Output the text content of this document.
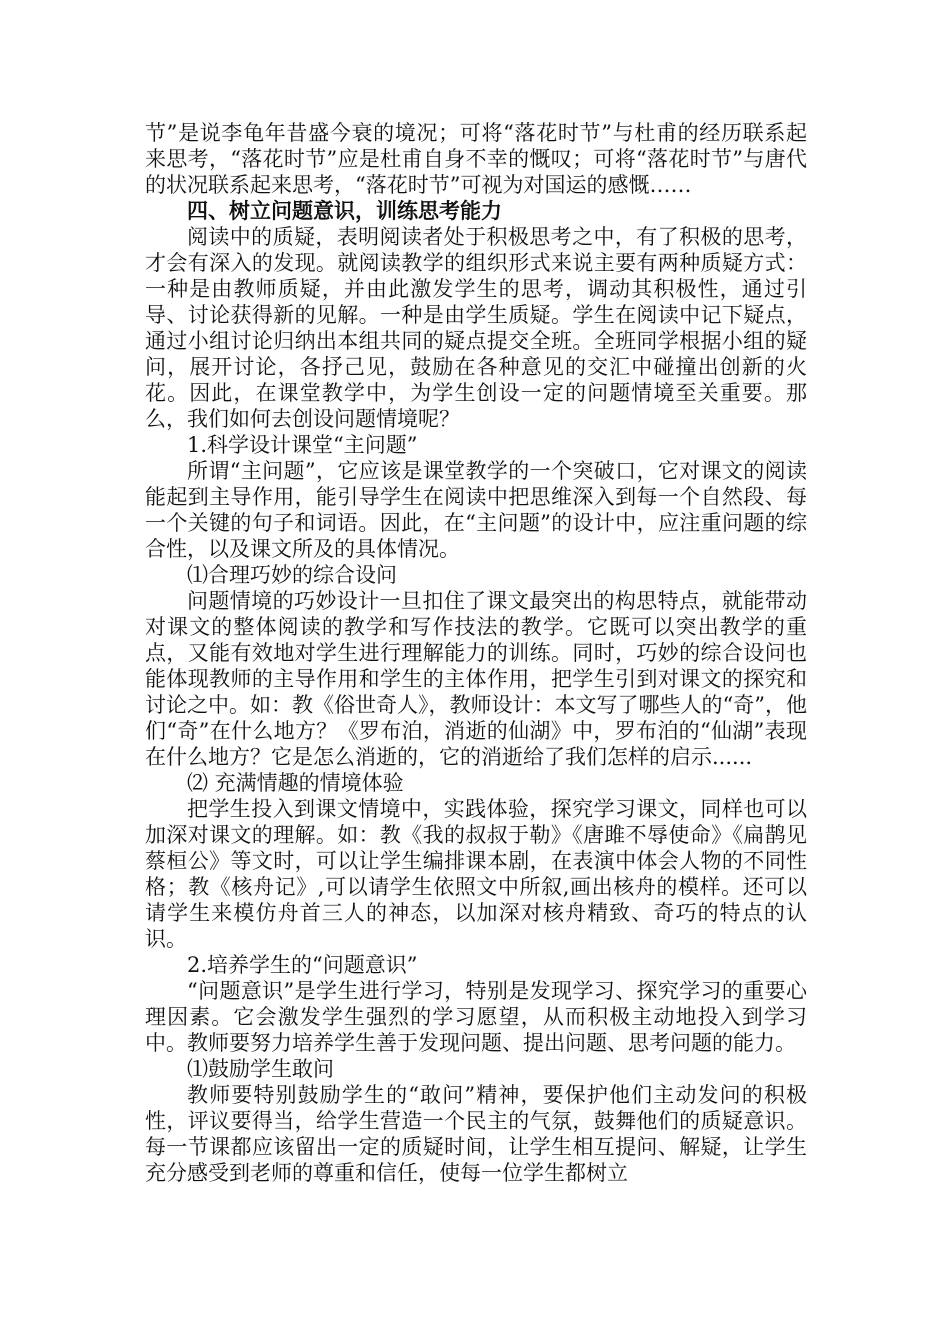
节”是说李龟年昔盛今衰的境况；可将“落花时节”与杜甫的经历联系起来思考，“落花时节”应是杜甫自身不幸的慨叹；可将“落花时节”与唐代的状况联系起来思考，“落花时节”可视为对国运的感慨……

四、树立问题意识，训练思考能力

阅读中的质疑，表明阅读者处于积极思考之中，有了积极的思考，才会有深入的发现。就阅读教学的组织形式来说主要有两种质疑方式：一种是由教师质疑，并由此激发学生的思考，调动其积极性，通过引导、讨论获得新的见解。一种是由学生质疑。学生在阅读中记下疑点，通过小组讨论归纳出本组共同的疑点提交全班。全班同学根据小组的疑问，展开讨论，各抒己见，鼓励在各种意见的交汇中碰撞出创新的火花。因此，在课堂教学中，为学生创设一定的问题情境至关重要。那么，我们如何去创设问题情境呢？

1.科学设计课堂“主问题”

所谓“主问题”，它应该是课堂教学的一个突破口，它对课文的阅读能起到主导作用，能引导学生在阅读中把思维深入到每一个自然段、每一个关键的句子和词语。因此，在“主问题”的设计中，应注重问题的综合性，以及课文所及的具体情况。

⑴合理巧妙的综合设问

问题情境的巧妙设计一旦扣住了课文最突出的构思特点，就能带动对课文的整体阅读的教学和写作技法的教学。它既可以突出教学的重点，又能有效地对学生进行理解能力的训练。同时，巧妙的综合设问也能体现教师的主导作用和学生的主体作用，把学生引到对课文的探究和讨论之中。如：教《俗世奇人》，教师设计：本文写了哪些人的“奇”，他们“奇”在什么地方？《罗布泊，消逝的仙湖》中，罗布泊的“仙湖”表现在什么地方？它是怎么消逝的，它的消逝给了我们怎样的启示......

⑵ 充满情趣的情境体验

把学生投入到课文情境中，实践体验，探究学习课文，同样也可以加深对课文的理解。如：教《我的叔叔于勒》《唐雎不辱使命》《扁鹊见蔡桓公》等文时，可以让学生编排课本剧，在表演中体会人物的不同性格；教《核舟记》,可以请学生依照文中所叙,画出核舟的模样。还可以请学生来模仿舟首三人的神态，以加深对核舟精致、奇巧的特点的认识。

2.培养学生的“问题意识”

“问题意识”是学生进行学习，特别是发现学习、探究学习的重要心理因素。它会激发学生强烈的学习愿望，从而积极主动地投入到学习中。教师要努力培养学生善于发现问题、提出问题、思考问题的能力。

⑴鼓励学生敢问

教师要特别鼓励学生的“敢问”精神，要保护他们主动发问的积极性，评议要得当，给学生营造一个民主的气氛，鼓舞他们的质疑意识。每一节课都应该留出一定的质疑时间，让学生相互提问、解疑，让学生充分感受到老师的尊重和信任，使每一位学生都树立
